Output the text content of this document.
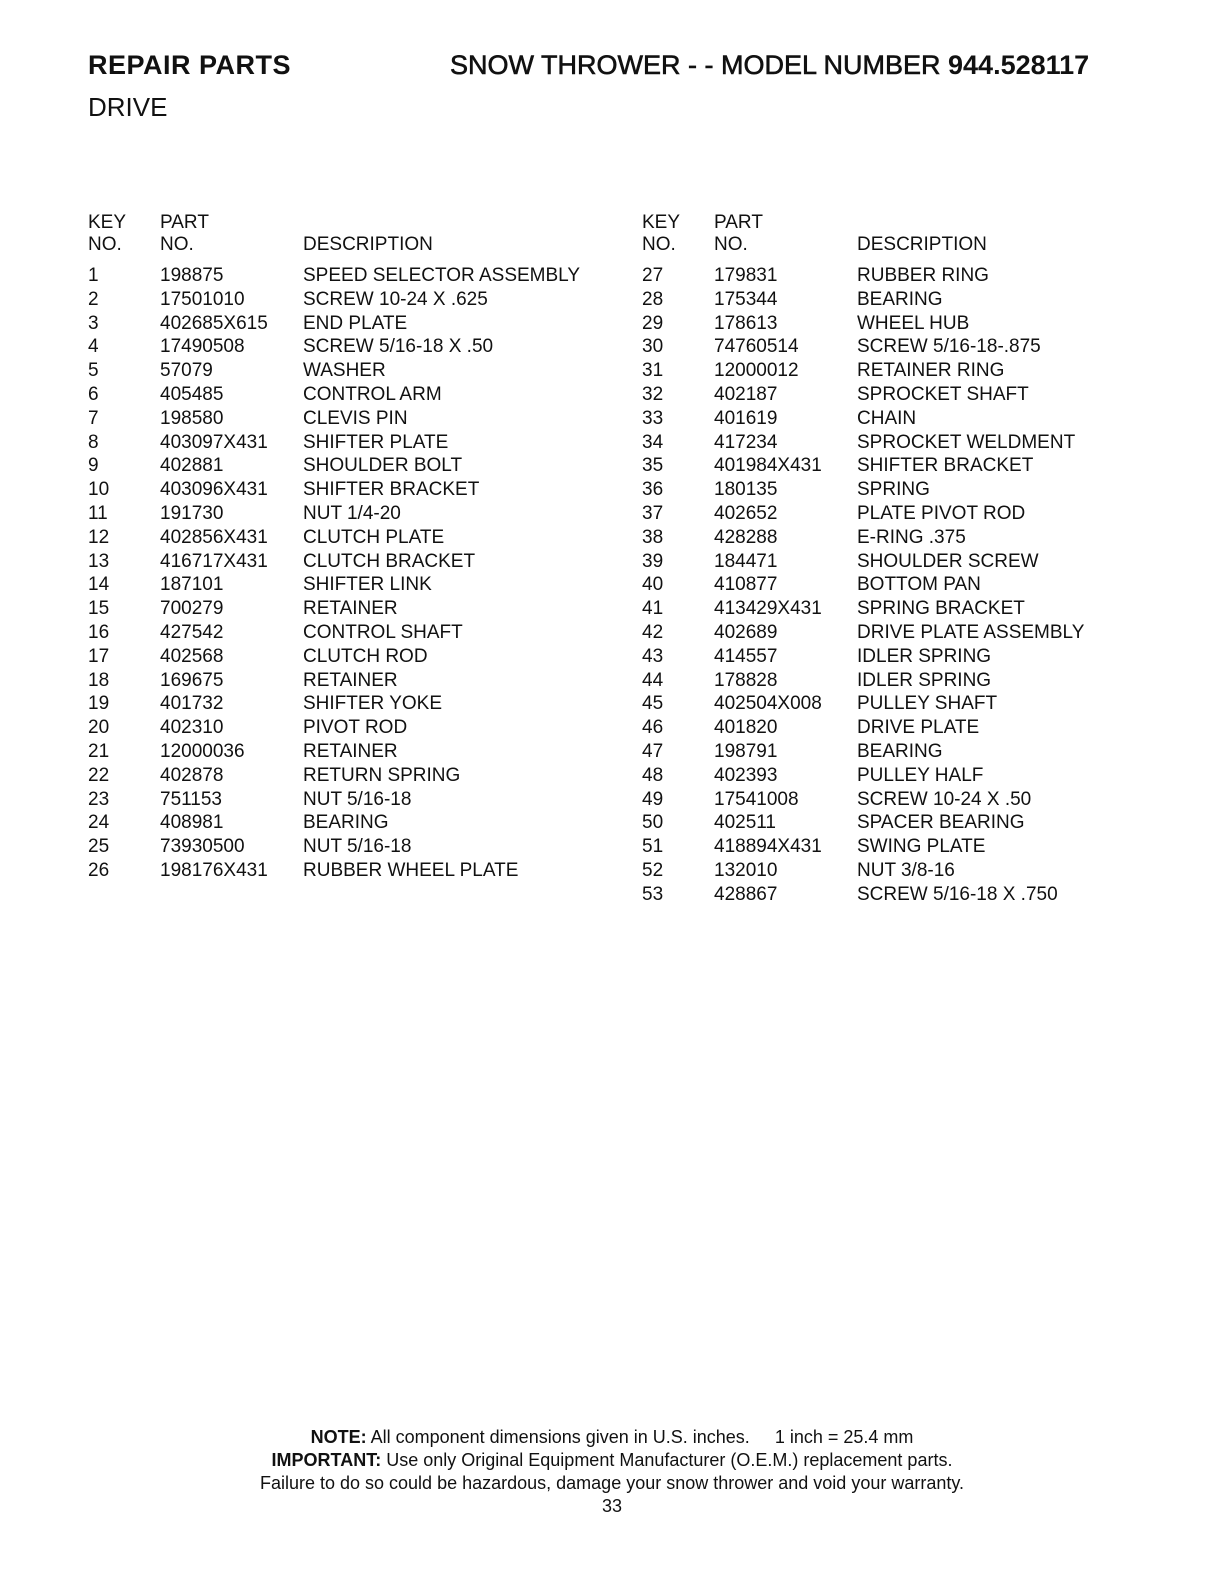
REPAIR PARTS	SNOW THROWER - - MODEL NUMBER 944.528117
DRIVE
KEY
NO.
PART
NO.	DESCRIPTION
1	198875	SPEED SELECTOR ASSEMBLY
2	17501010	SCREW 10-24 X .625
3	402685X615 END PLATE
4	17490508	SCREW 5/16-18 X .50
5	57079	WASHER
6	405485	CONTROL ARM
7	198580	CLEVIS PIN
8	403097X431 SHIFTER PLATE
9	402881	SHOULDER BOLT
10	403096X431 SHIFTER BRACKET
11	191730	NUT 1/4-20
12	402856X431 CLUTCH PLATE
13	416717X431 CLUTCH BRACKET
14	187101	SHIFTER LINK
15	700279	RETAINER
16	427542	CONTROL SHAFT
17	402568	CLUTCH ROD
18	169675	RETAINER
19	401732	SHIFTER YOKE
20	402310	PIVOT ROD
21	12000036	RETAINER
22	402878	RETURN SPRING
23	751153	NUT 5/16-18
24	408981	BEARING
25	73930500	NUT 5/16-18
26	198176X431 RUBBER WHEEL PLATE
KEY
NO.
PART
NO.	DESCRIPTION
27	179831	RUBBER RING
28	175344	BEARING
29	178613	WHEEL HUB
30	74760514	SCREW 5/16-18-.875
31	12000012	RETAINER RING
32	402187	SPROCKET SHAFT
33	401619	CHAIN
34	417234	SPROCKET WELDMENT
35	401984X431 SHIFTER BRACKET
36	180135	SPRING
37	402652	PLATE PIVOT ROD
38	428288	E-RING .375
39	184471	SHOULDER SCREW
40	410877	BOTTOM PAN
41	413429X431 SPRING BRACKET
42	402689	DRIVE PLATE ASSEMBLY
43	414557	IDLER SPRING
44	178828	IDLER SPRING
45	402504X008 PULLEY SHAFT
46	401820	DRIVE PLATE
47	198791	BEARING
48	402393	PULLEY HALF
49	17541008	SCREW 10-24 X .50
50	402511	SPACER BEARING
51	418894X431 SWING PLATE
52	132010	NUT 3/8-16
53	428867	SCREW 5/16-18 X .750
NOTE: All component dimensions given in U.S. inches. 1 inch = 25.4 mm
IMPORTANT: Use only Original Equipment Manufacturer (O.E.M.) replacement parts.
Failure to do so could be hazardous, damage your snow thrower and void your warranty.
33
